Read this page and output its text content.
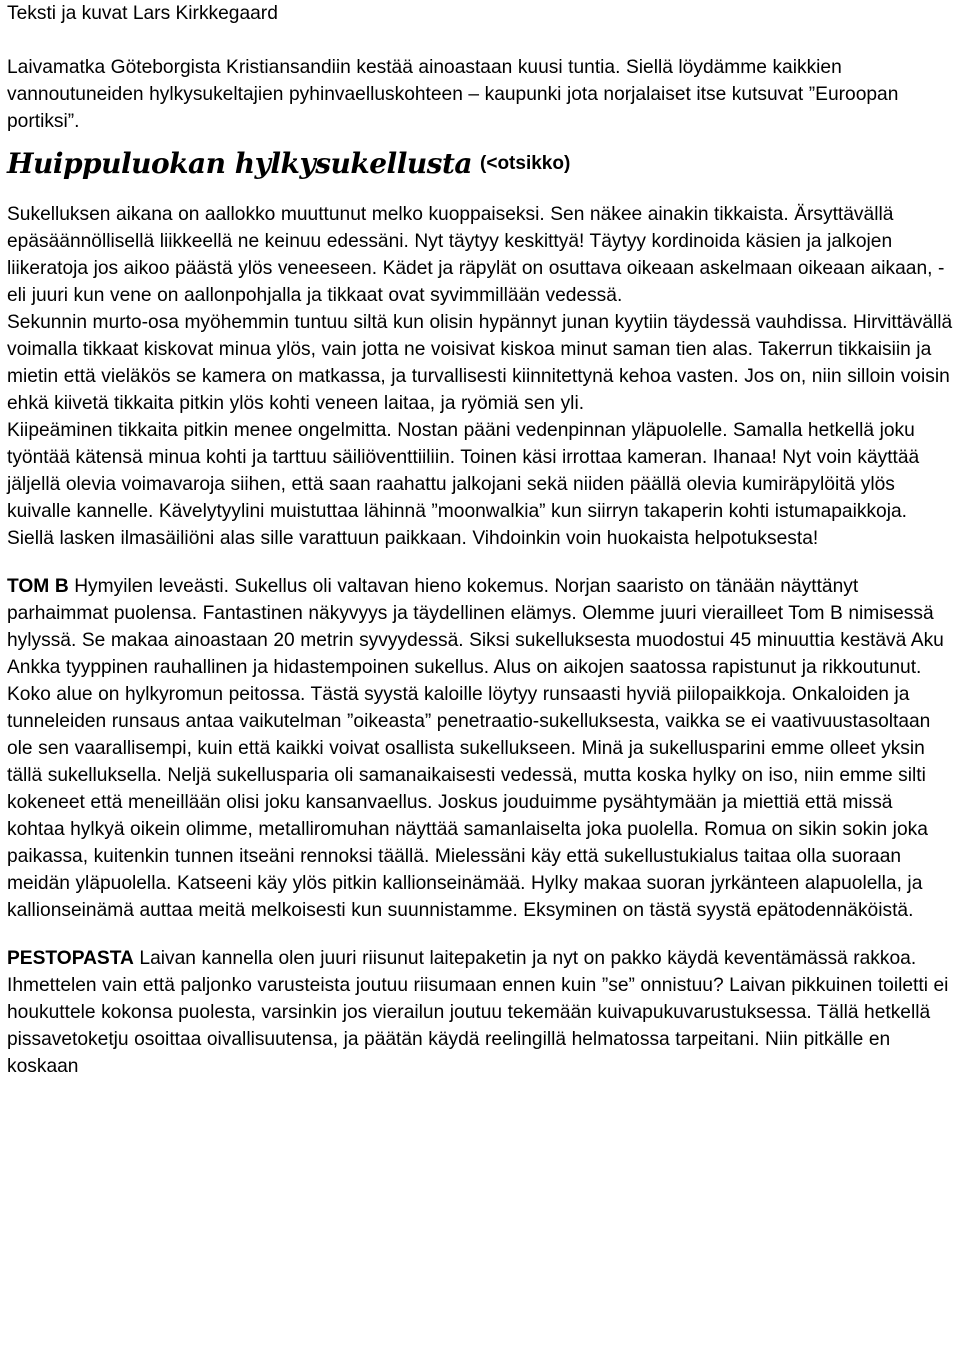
Teksti ja kuvat Lars Kirkkegaard

Laivamatka Göteborgista Kristiansandiin kestää ainoastaan kuusi tuntia. Siellä löydämme kaikkien vannoutuneiden hylkysukeltajien pyhinvaelluskohteen – kaupunki jota norjalaiset itse kutsuvat ”Euroopan portiksi”.

Huippuluokan hylkysukellusta (<otsikko)

Sukelluksen aikana on aallokko muuttunut melko kuoppaiseksi. Sen näkee ainakin tikkaista. Ärsyttävällä epäsäännöllisellä liikkeellä ne keinuu edessäni. Nyt täytyy keskittyä! Täytyy kordinoida käsien ja jalkojen liikeratoja jos aikoo päästä ylös veneeseen. Kädet ja räpylät on osuttava oikeaan askelmaan oikeaan aikaan, - eli juuri kun vene on aallonpohjalla ja tikkaat ovat syvimmillään vedessä.

Sekunnin murto-osa myöhemmin tuntuu siltä kun olisin hypännyt junan kyytiin täydessä vauhdissa. Hirvittävällä voimalla tikkaat kiskovat minua ylös, vain jotta ne voisivat kiskoa minut saman tien alas. Takerrun tikkaisiin ja mietin että vieläkös se kamera on matkassa, ja turvallisesti kiinnitettynä kehoa vasten. Jos on, niin silloin voisin ehkä kiivetä tikkaita pitkin ylös kohti veneen laitaa, ja ryömiä sen yli.

Kiipeäminen tikkaita pitkin menee ongelmitta. Nostan pääni vedenpinnan yläpuolelle. Samalla hetkellä joku työntää kätensä minua kohti ja tarttuu säiliöventtiiliin. Toinen käsi irrottaa kameran. Ihanaa! Nyt voin käyttää jäljellä olevia voimavaroja siihen, että saan raahattu jalkojani sekä niiden päällä olevia kumiräpylöitä ylös kuivalle kannelle. Kävelytyylini muistuttaa lähinnä ”moonwalkia” kun siirryn takaperin kohti istumapaikkoja. Siellä lasken ilmasäiliöni alas sille varattuun paikkaan. Vihdoinkin voin huokaista helpotuksesta!

TOM B Hymyilen leveästi. Sukellus oli valtavan hieno kokemus. Norjan saaristo on tänään näyttänyt parhaimmat puolensa. Fantastinen näkyvyys ja täydellinen elämys. Olemme juuri vierailleet Tom B nimisessä hylyssä. Se makaa ainoastaan 20 metrin syvyydessä. Siksi sukelluksesta muodostui 45 minuuttia kestävä Aku Ankka tyyppinen rauhallinen ja hidastempoinen sukellus. Alus on aikojen saatossa rapistunut ja rikkoutunut. Koko alue on hylkyromun peitossa. Tästä syystä kaloille löytyy runsaasti hyviä piilopaikkoja. Onkaloiden ja tunneleiden runsaus antaa vaikutelman ”oikeasta” penetraatio-sukelluksesta, vaikka se ei vaativuustasoltaan ole sen vaarallisempi, kuin että kaikki voivat osallista sukellukseen. Minä ja sukellusparini emme olleet yksin tällä sukelluksella. Neljä sukellusparia oli samanaikaisesti vedessä, mutta koska hylky on iso, niin emme silti kokeneet että meneillään olisi joku kansanvaellus. Joskus jouduimme pysähtymään ja miettiä että missä kohtaa hylkyä oikein olimme, metalliromuhan näyttää samanlaiselta joka puolella. Romua on sikin sokin joka paikassa, kuitenkin tunnen itseäni rennoksi täällä. Mielessäni käy että sukellustukialus taitaa olla suoraan meidän yläpuolella. Katseeni käy ylös pitkin kallionseinämää. Hylky makaa suoran jyrkänteen alapuolella, ja kallionseinämä auttaa meitä melkoisesti kun suunnistamme. Eksyminen on tästä syystä epätodennäköistä.

PESTOPASTA Laivan kannella olen juuri riisunut laitepaketin ja nyt on pakko käydä keventämässä rakkoa. Ihmettelen vain että paljonko varusteista joutuu riisumaan ennen kuin ”se” onnistuu? Laivan pikkuinen toiletti ei houkuttele kokonsa puolesta, varsinkin jos vierailun joutuu tekemään kuivapukuvarustuksessa. Tällä hetkellä pissavetoketju osoittaa oivallisuutensa, ja päätän käydä reelingillä helmatossa tarpeitani. Niin pitkälle en koskaan
